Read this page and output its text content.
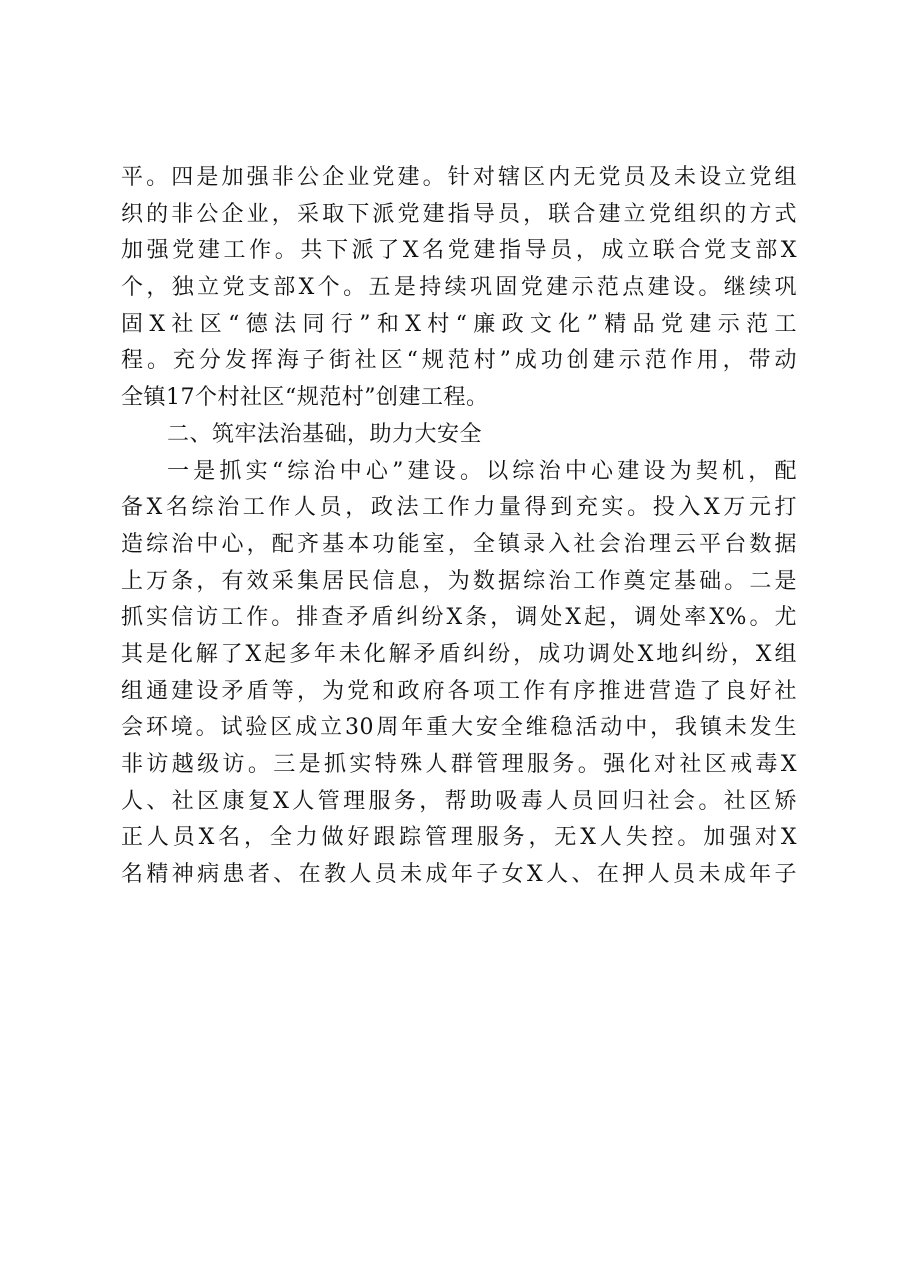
平。四是加强非公企业党建。针对辖区内无党员及未设立党组
织的非公企业，采取下派党建指导员，联合建立党组织的方式
加强党建工作。共下派了X名党建指导员，成立联合党支部X
个，独立党支部X个。五是持续巩固党建示范点建设。继续巩
固X社区“德法同行”和X村“廉政文化”精品党建示范工
程。充分发挥海子街社区“规范村”成功创建示范作用，带动
全镇17个村社区“规范村”创建工程。
二、筑牢法治基础，助力大安全
一是抓实“综治中心”建设。以综治中心建设为契机，配
备X名综治工作人员，政法工作力量得到充实。投入X万元打
造综治中心，配齐基本功能室，全镇录入社会治理云平台数据
上万条，有效采集居民信息，为数据综治工作奠定基础。二是
抓实信访工作。排查矛盾纠纷X条，调处X起，调处率X%。尤
其是化解了X起多年未化解矛盾纠纷，成功调处X地纠纷，X组
组通建设矛盾等，为党和政府各项工作有序推进营造了良好社
会环境。试验区成立30周年重大安全维稳活动中，我镇未发生
非访越级访。三是抓实特殊人群管理服务。强化对社区戒毒X
人、社区康复X人管理服务，帮助吸毒人员回归社会。社区矫
正人员X名，全力做好跟踪管理服务，无X人失控。加强对X
名精神病患者、在教人员未成年子女X人、在押人员未成年子
